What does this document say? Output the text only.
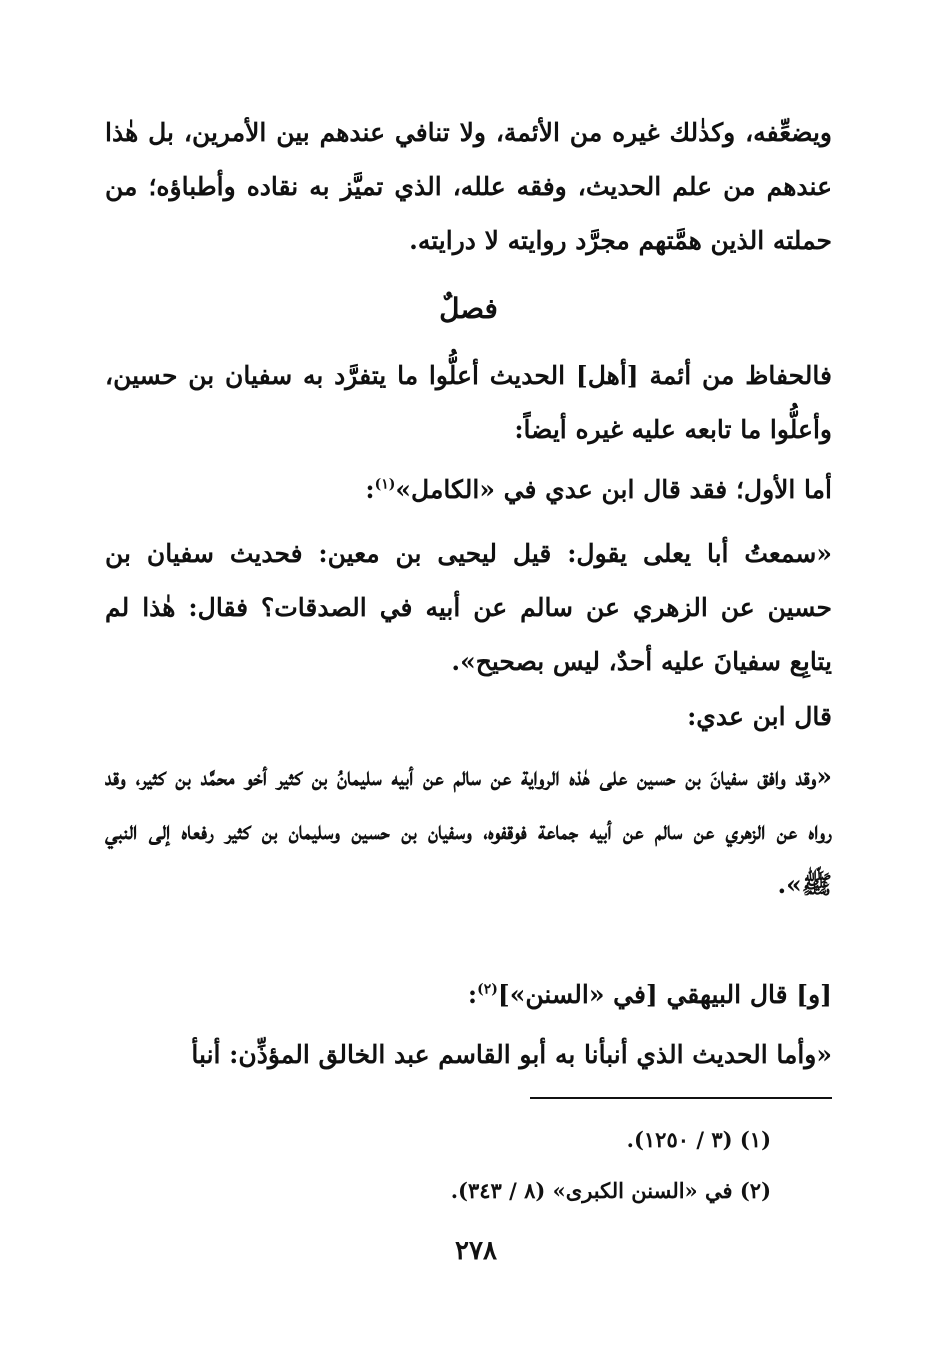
ويضعِّفه، وكذٰلك غيره من الأئمة، ولا تنافي عندهم بين الأمرين، بل هٰذا عندهم من علم الحديث، وفقه علله، الذي تميَّز به نقاده وأطباؤه؛ من حملته الذين همَّتهم مجرَّد روايته لا درايته.

فصلٌ

فالحفاظ من أئمة [أهل] الحديث أعلُّوا ما يتفرَّد به سفيان بن حسين، وأعلُّوا ما تابعه عليه غيره أيضاً:

أما الأول؛ فقد قال ابن عدي في «الكامل»$^{(١)}$:

«سمعتُ أبا يعلى يقول: قيل ليحيى بن معين: فحديث سفيان بن حسين عن الزهري عن سالم عن أبيه في الصدقات؟ فقال: هٰذا لم يتابِع سفيانَ عليه أحدٌ، ليس بصحيح».

قال ابن عدي:

«وقد وافق سفيانَ بن حسين على هٰذه الرواية عن سالم عن أبيه سليمانُ بن كثير أخو محمَّد بن كثير، وقد رواه عن الزهري عن سالم عن أبيه جماعة فوقفوه، وسفيان بن حسين وسليمان بن كثير رفعاه إلى النبي ﷺ».

[و] قال البيهقي [في «السنن»]$^{(٢)}$:

«وأما الحديث الذي أنبأنا به أبو القاسم عبد الخالق المؤذِّن: أنبأ

(١) (٣ / ١٢٥٠).
(٢) في «السنن الكبرى» (٨ / ٣٤٣).
٢٧٨
